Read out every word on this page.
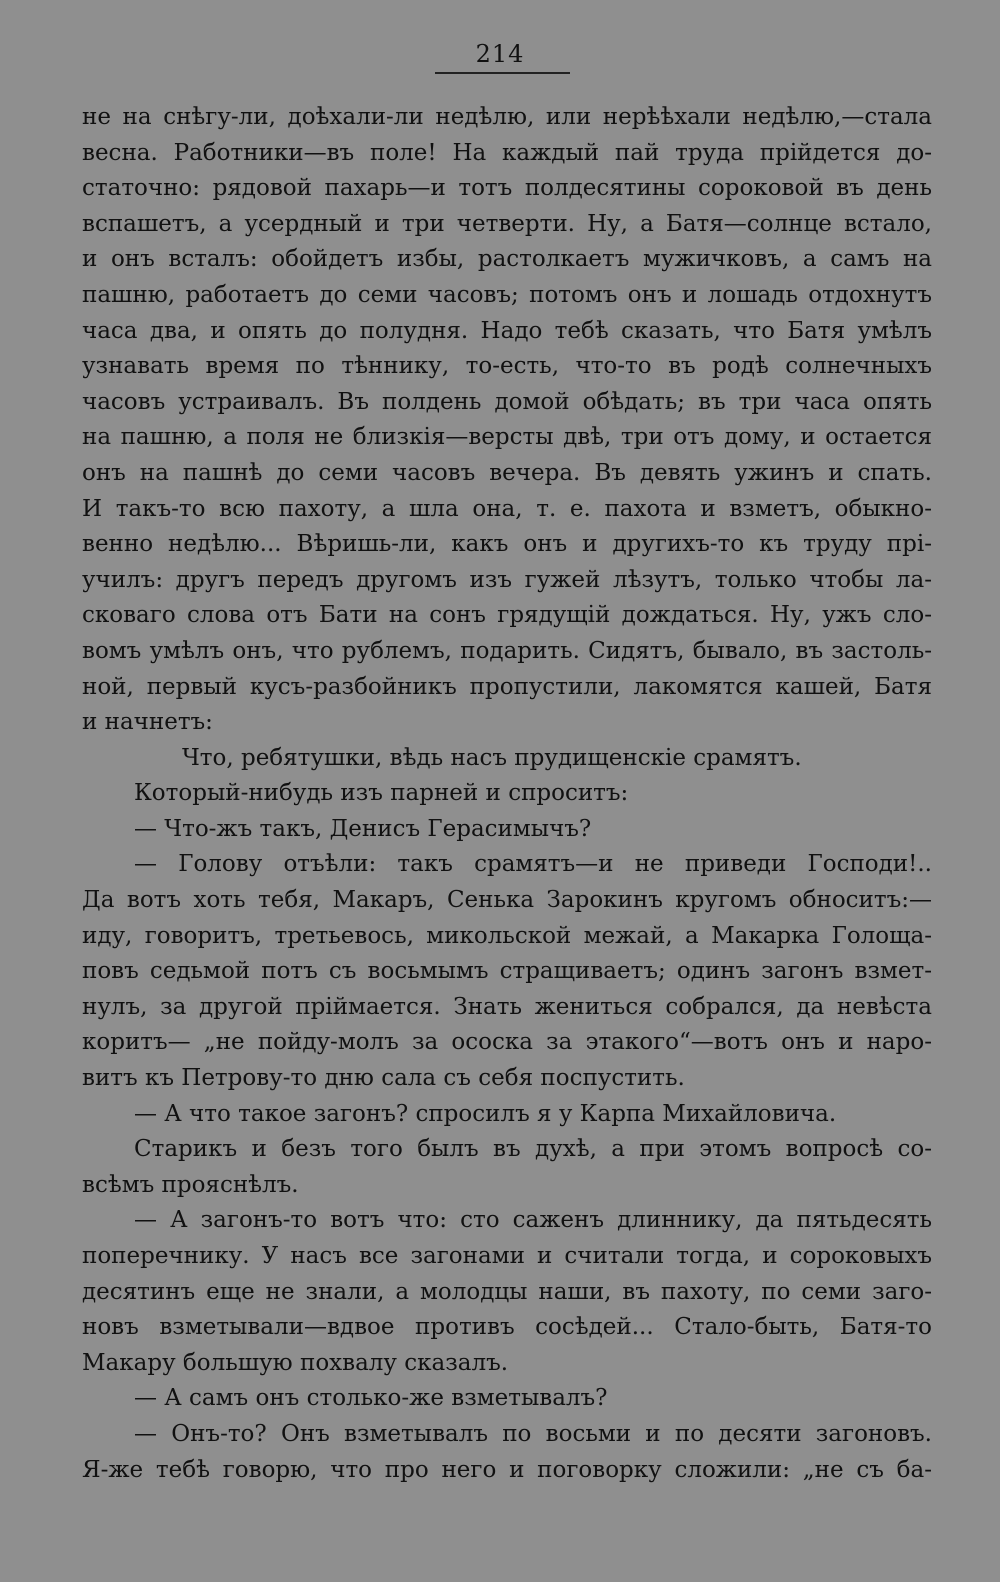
214
не на снѣгу-ли, доѣхали-ли недѣлю, или нерѣѣхали недѣлю,—стала
весна. Работники—въ поле! На каждый пай труда прійдется до-
статочно: рядовой пахарь—и тотъ полдесятины сороковой въ день
вспашетъ, а усердный и три четверти. Ну, а Батя—солнце встало,
и онъ всталъ: обойдетъ избы, растолкаетъ мужичковъ, а самъ на
пашню, работаетъ до семи часовъ; потомъ онъ и лошадь отдохнутъ
часа два, и опять до полудня. Надо тебѣ сказать, что Батя умѣлъ
узнавать время по тѣннику, то-есть, что-то въ родѣ солнечныхъ
часовъ устраивалъ. Въ полдень домой обѣдать; въ три часа опять
на пашню, а поля не близкія—версты двѣ, три отъ дому, и остается
онъ на пашнѣ до семи часовъ вечера. Въ девять ужинъ и спать.
И такъ-то всю пахоту, а шла она, т. е. пахота и взметъ, обыкно-
венно недѣлю... Вѣришь-ли, какъ онъ и другихъ-то къ труду прі-
училъ: другъ передъ другомъ изъ гужей лѣзутъ, только чтобы ла-
сковаго слова отъ Бати на сонъ грядущій дождаться. Ну, ужъ сло-
вомъ умѣлъ онъ, что рублемъ, подарить. Сидятъ, бывало, въ застоль-
ной, первый кусъ-разбойникъ пропустили, лакомятся кашей, Батя
и начнетъ:
Что, ребятушки, вѣдь насъ прудищенскіе срамятъ.
Который-нибудь изъ парней и спроситъ:
— Что-жъ такъ, Денисъ Герасимычъ?
— Голову отъѣли: такъ срамятъ—и не приведи Господи!..
Да вотъ хоть тебя, Макаръ, Сенька Зарокинъ кругомъ обноситъ:—
иду, говоритъ, третьевось, микольской межай, а Макарка Голоща-
повъ седьмой потъ съ восьмымъ стращиваетъ; одинъ загонъ взмет-
нулъ, за другой пріймается. Знать жениться собрался, да невѣста
коритъ— „не пойду-молъ за ососка за этакого“—вотъ онъ и наро-
витъ къ Петрову-то дню сала съ себя поспустить.
— А что такое загонъ? спросилъ я у Карпа Михайловича.
Старикъ и безъ того былъ въ духѣ, а при этомъ вопросѣ со-
всѣмъ прояснѣлъ.
— А загонъ-то вотъ что: сто саженъ длиннику, да пятьдесять
поперечнику. У насъ все загонами и считали тогда, и сороковыхъ
десятинъ еще не знали, а молодцы наши, въ пахоту, по семи заго-
новъ взметывали—вдвое противъ сосѣдей... Стало-быть, Батя-то
Макару большую похвалу сказалъ.
— А самъ онъ столько-же взметывалъ?
— Онъ-то? Онъ взметывалъ по восьми и по десяти загоновъ.
Я-же тебѣ говорю, что про него и поговорку сложили: „не съ ба-
